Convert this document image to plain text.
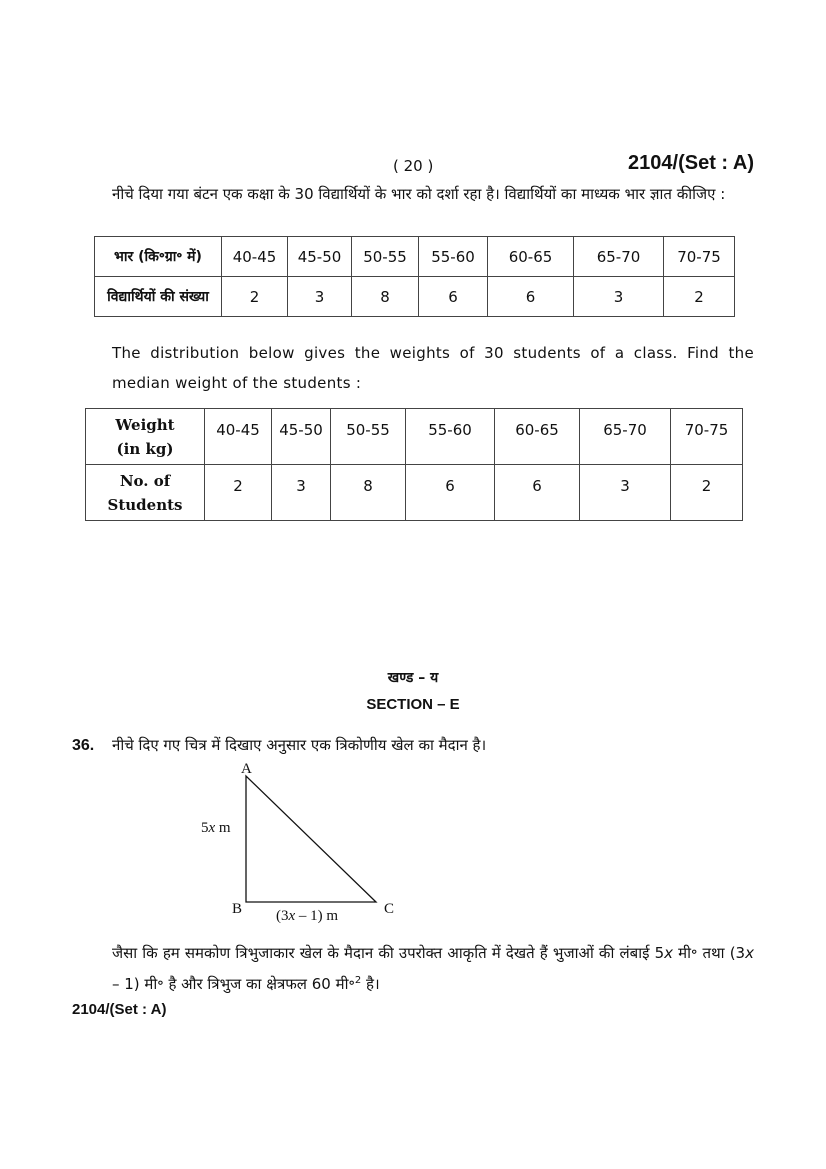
( 20 )	2104/(Set : A)
नीचे दिया गया बंटन एक कक्षा के 30 विद्यार्थियों के भार को दर्शा रहा है। विद्यार्थियों का माध्यक भार ज्ञात कीजिए :
भार (कि॰ग्रा॰ में)	40-45	45-50	50-55	55-60	60-65	65-70	70-75
विद्यार्थियों की संख्या	2	3	8	6	6	3	2
The distribution below gives the weights of 30 students of a class. Find the median weight of the students :
Weight
(in kg)	40-45	45-50	50-55	55-60	60-65	65-70	70-75

No. of
Students	2	3	8	6	6	3	2
खण्ड – य
SECTION – E
36. नीचे दिए गए चित्र में दिखाए अनुसार एक त्रिकोणीय खेल का मैदान है।
A
B	C
5x m
(3x – 1) m
जैसा कि हम समकोण त्रिभुजाकार खेल के मैदान की उपरोक्त आकृति में देखते हैं भुजाओं की लंबाई 5x मी॰ तथा (3x – 1) मी॰ है और त्रिभुज का क्षेत्रफल 60 मी॰$^2$ है।
2104/(Set : A)
